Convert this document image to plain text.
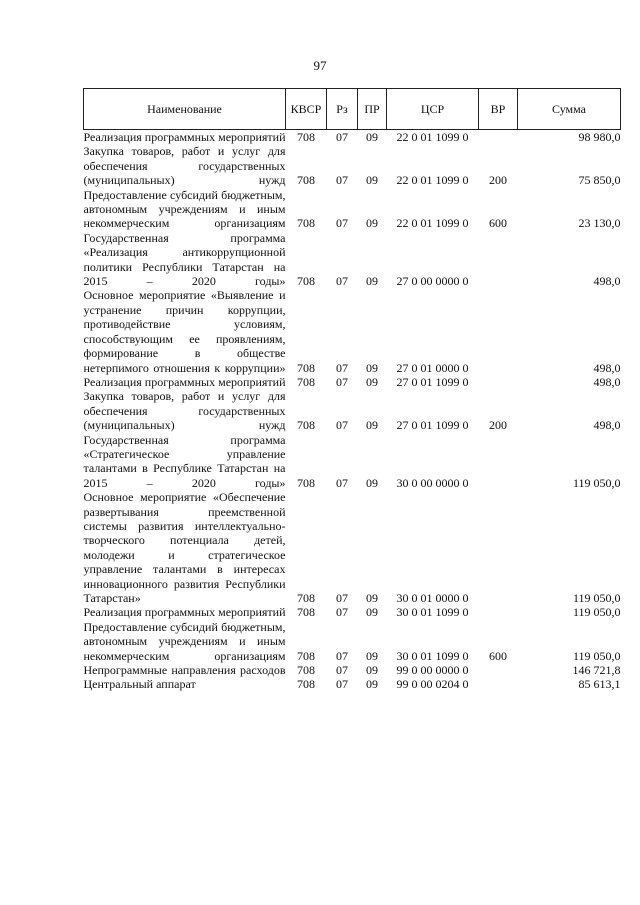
97
Наименование	КВСР	Рз	ПР	ЦСР	ВР	Сумма
Реализация программных мероприятий	708	07	09	22 0 01 1099 0		98 980,0
Закупка товаров, работ и услуг для обеспечения государственных (муниципальных) нужд	708	07	09	22 0 01 1099 0	200	75 850,0
Предоставление субсидий бюджетным, автономным учреждениям и иным некоммерческим организациям	708	07	09	22 0 01 1099 0	600	23 130,0
Государственная программа «Реализация антикоррупционной политики Республики Татарстан на 2015 – 2020 годы»	708	07	09	27 0 00 0000 0		498,0
Основное мероприятие «Выявление и устранение причин коррупции, противодействие условиям, способствующим ее проявлениям, формирование в обществе нетерпимого отношения к коррупции»	708	07	09	27 0 01 0000 0		498,0
Реализация программных мероприятий	708	07	09	27 0 01 1099 0		498,0
Закупка товаров, работ и услуг для обеспечения государственных (муниципальных) нужд	708	07	09	27 0 01 1099 0	200	498,0
Государственная программа «Стратегическое управление талантами в Республике Татарстан на 2015 – 2020 годы»	708	07	09	30 0 00 0000 0		119 050,0
Основное мероприятие «Обеспечение развертывания преемственной системы развития интеллектуально-творческого потенциала детей, молодежи и стратегическое управление талантами в интересах инновационного развития Республики Татарстан»	708	07	09	30 0 01 0000 0		119 050,0
Реализация программных мероприятий	708	07	09	30 0 01 1099 0		119 050,0
Предоставление субсидий бюджетным, автономным учреждениям и иным некоммерческим организациям	708	07	09	30 0 01 1099 0	600	119 050,0
Непрограммные направления расходов	708	07	09	99 0 00 0000 0		146 721,8
Центральный аппарат	708	07	09	99 0 00 0204 0		85 613,1
